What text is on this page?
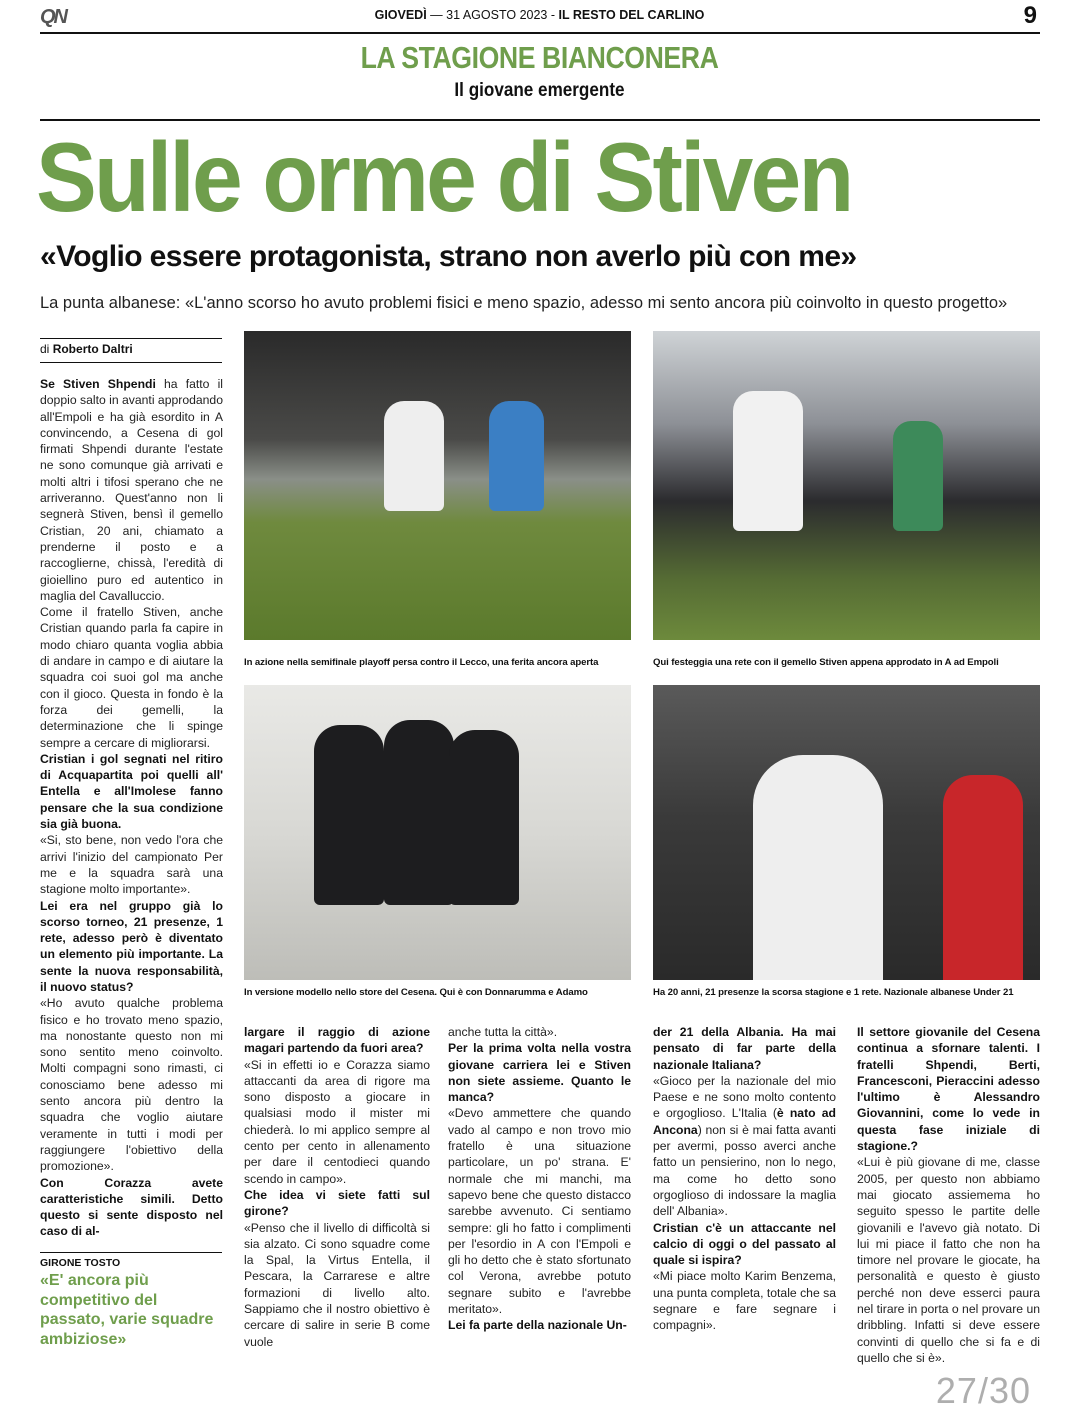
QN	GIOVEDÌ — 31 AGOSTO 2023 - IL RESTO DEL CARLINO	9
LA STAGIONE BIANCONERA
Il giovane emergente
Sulle orme di Stiven
«Voglio essere protagonista, strano non averlo più con me»
La punta albanese: «L'anno scorso ho avuto problemi fisici e meno spazio, adesso mi sento ancora più coinvolto in questo progetto»
di Roberto Daltri
In azione nella semifinale playoff persa contro il Lecco, una ferita ancora aperta	Qui festeggia una rete con il gemello Stiven appena approdato in A ad Empoli
In versione modello nello store del Cesena. Qui è con Donnarumma e Adamo	Ha 20 anni, 21 presenze la scorsa stagione e 1 rete. Nazionale albanese Under 21

Se Stiven Shpendi ha fatto il doppio salto in avanti approdando all'Empoli e ha già esordito in A convincendo, a Cesena di gol firmati Shpendi durante l'estate ne sono comunque già arrivati e molti altri i tifosi sperano che ne arriveranno. Quest'anno non li segnerà Stiven, bensì il gemello Cristian, 20 ani, chiamato a prenderne il posto e a raccoglierne, chissà, l'eredità di gioiellino puro ed autentico in maglia del Cavalluccio.

Come il fratello Stiven, anche Cristian quando parla fa capire in modo chiaro quanta voglia abbia di andare in campo e di aiutare la squadra coi suoi gol ma anche con il gioco. Questa in fondo è la forza dei gemelli, la determinazione che li spinge sempre a cercare di migliorarsi.

Cristian i gol segnati nel ritiro di Acquapartita poi quelli all' Entella e all'Imolese fanno pensare che la sua condizione sia già buona.

«Si, sto bene, non vedo l'ora che arrivi l'inizio del campionato Per me e la squadra sarà una stagione molto importante».

Lei era nel gruppo già lo scorso torneo, 21 presenze, 1 rete, adesso però è diventato un elemento più importante. La sente la nuova responsabilità, il nuovo status?

«Ho avuto qualche problema fisico e ho trovato meno spazio, ma nonostante questo non mi sono sentito meno coinvolto. Molti compagni sono rimasti, ci conosciamo bene adesso mi sento ancora più dentro la squadra che voglio aiutare veramente in tutti i modi per raggiungere l'obiettivo della promozione».

Con Corazza avete caratteristiche simili. Detto questo si sente disposto nel caso di al-

largare il raggio di azione magari partendo da fuori area?

«Si in effetti io e Corazza siamo attaccanti da area di rigore ma sono disposto a giocare in qualsiasi modo il mister mi chiederà. Io mi applico sempre al cento per cento in allenamento per dare il centodieci quando scendo in campo».

Che idea vi siete fatti sul girone?

«Penso che il livello di difficoltà si sia alzato. Ci sono squadre come la Spal, la Virtus Entella, il Pescara, la Carrarese e altre formazioni di livello alto. Sappiamo che il nostro obiettivo è cercare di salire in serie B come vuole

anche tutta la città».

Per la prima volta nella vostra giovane carriera lei e Stiven non siete assieme. Quanto le manca?

«Devo ammettere che quando vado al campo e non trovo mio fratello è una situazione particolare, un po' strana. E' normale che mi manchi, ma sapevo bene che questo distacco sarebbe avvenuto. Ci sentiamo sempre: gli ho fatto i complimenti per l'esordio in A con l'Empoli e gli ho detto che è stato sfortunato col Verona, avrebbe potuto segnare subito e l'avrebbe meritato».

Lei fa parte della nazionale Un-

der 21 della Albania. Ha mai pensato di far parte della nazionale Italiana?

«Gioco per la nazionale del mio Paese e ne sono molto contento e orgoglioso. L'Italia (è nato ad Ancona) non si è mai fatta avanti per avermi, posso averci anche fatto un pensierino, non lo nego, ma come ho detto sono orgoglioso di indossare la maglia dell' Albania».

Cristian c'è un attaccante nel calcio di oggi o del passato al quale si ispira?

«Mi piace molto Karim Benzema, una punta completa, totale che sa segnare e fare segnare i compagni».

Il settore giovanile del Cesena continua a sfornare talenti. I fratelli Shpendi, Berti, Francesconi, Pieraccini adesso l'ultimo è Alessandro Giovannini, come lo vede in questa fase iniziale di stagione.?

«Lui è più giovane di me, classe 2005, per questo non abbiamo mai giocato assiemema ho seguito spesso le partite delle giovanili e l'avevo già notato. Di lui mi piace il fatto che non ha timore nel provare le giocate, ha personalità e questo è giusto perché non deve esserci paura nel tirare in porta o nel provare un dribbling. Infatti si deve essere convinti di quello che si fa e di quello che si è».

GIRONE TOSTO
«E' ancora più competitivo del passato, varie squadre ambiziose»
27/30
